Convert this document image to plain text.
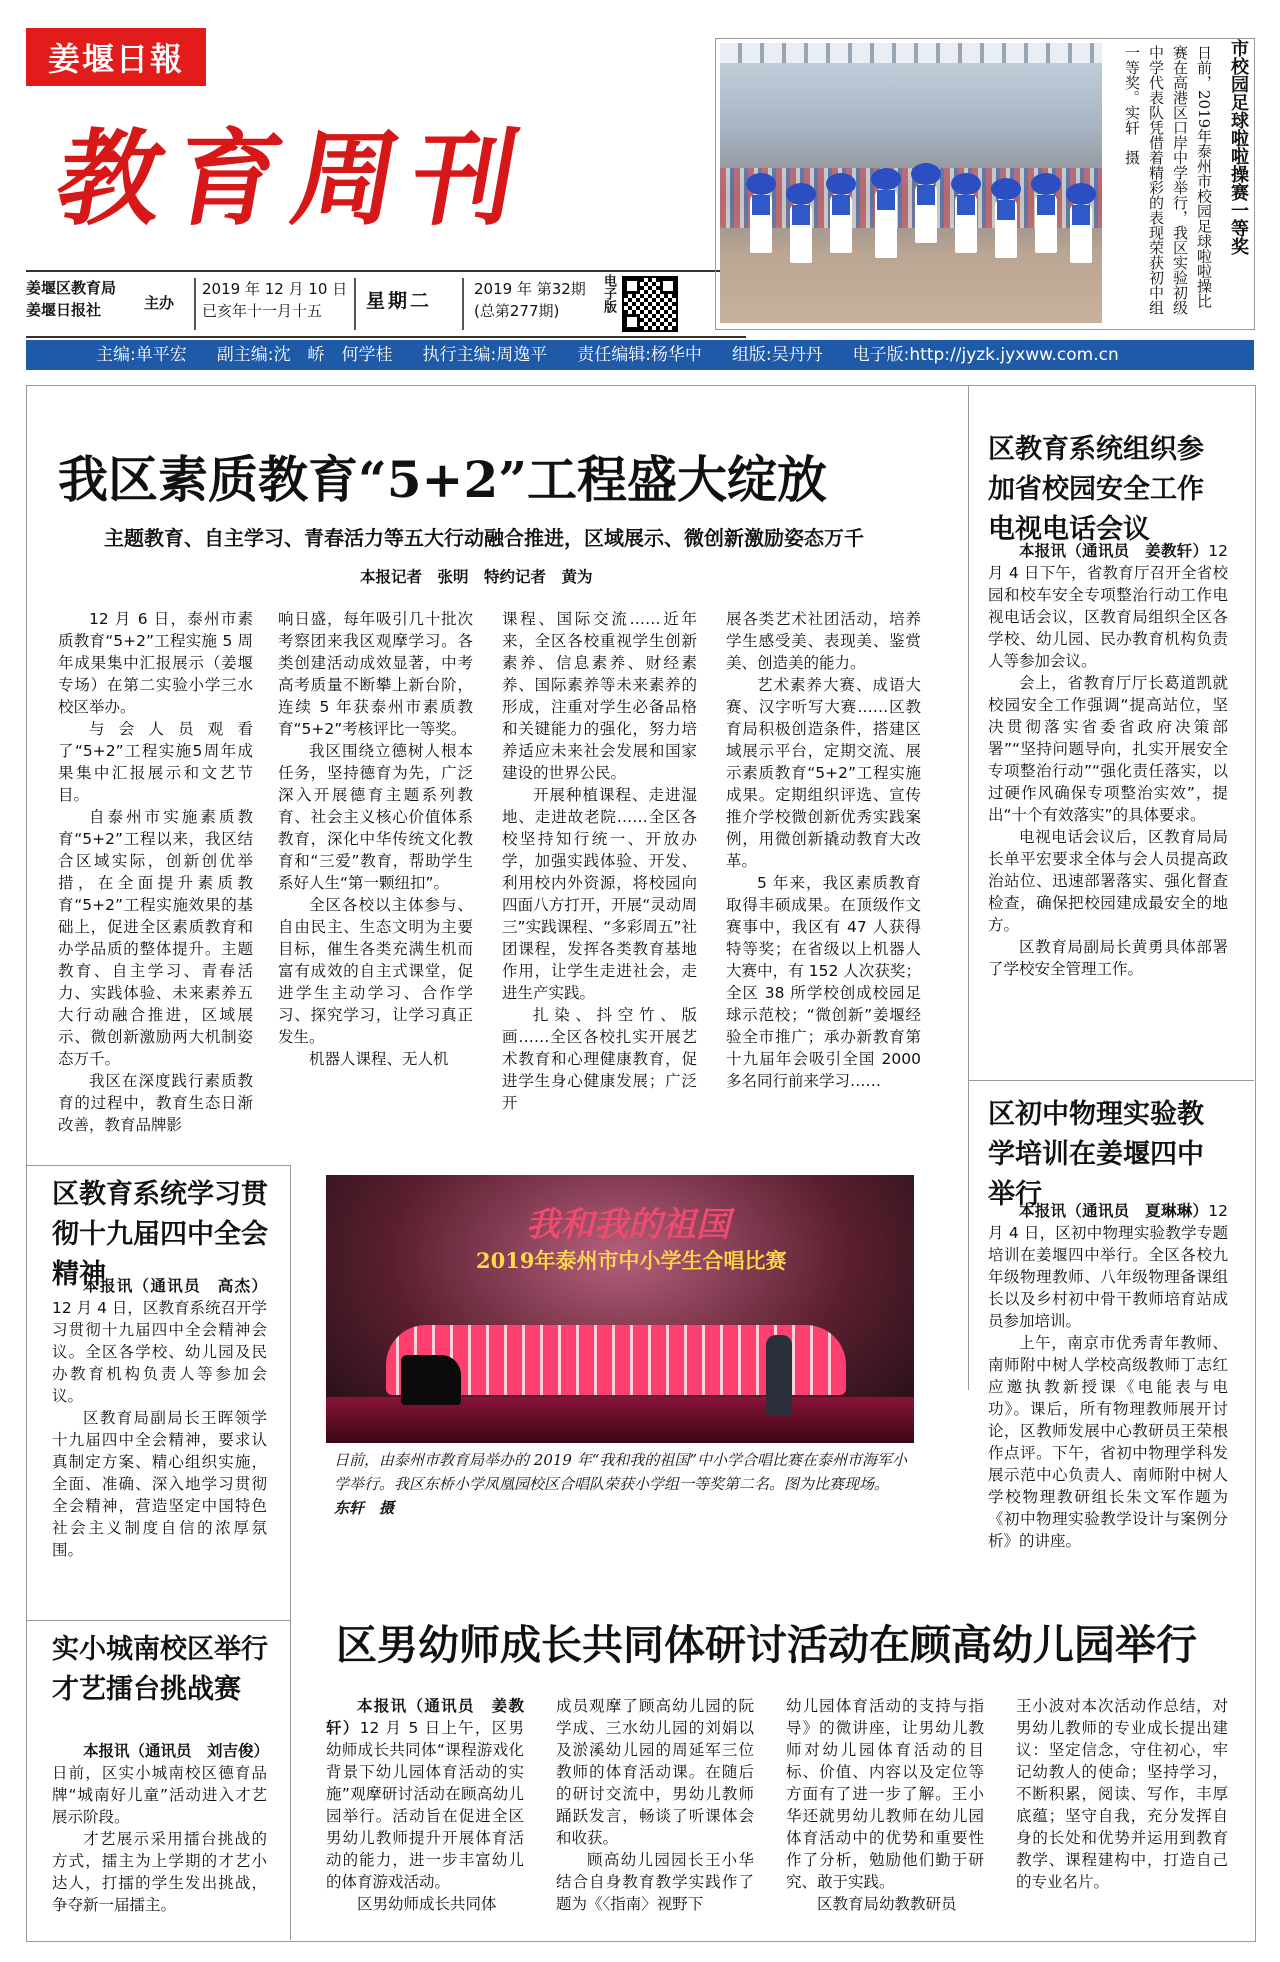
姜堰日報
教育周刊
姜堰区教育局
姜堰日报社	主办
2019 年 12 月 10 日
已亥年十一月十五	星期二
2019 年 第32期
(总第277期)	电子版
主编:单平宏 副主编:沈　峤　何学桂 执行主编:周逸平 责任编辑:杨华中 组版:吴丹丹 电子版:http://jyzk.jyxww.com.cn
日前，2019年泰州市校园足球啦啦操比赛在高港区口岸中学举行，我区实验初级中学代表队凭借着精彩的表现荣获初中组一等奖。实轩　摄	市校园足球啦啦操赛一等奖
我区素质教育“5+2”工程盛大绽放
主题教育、自主学习、青春活力等五大行动融合推进，区域展示、微创新激励姿态万千
本报记者　张明　特约记者　黄为

12 月 6 日，泰州市素质教育“5+2”工程实施 5 周年成果集中汇报展示（姜堰专场）在第二实验小学三水校区举办。

与会人员观看了“5+2”工程实施5周年成果集中汇报展示和文艺节目。

自泰州市实施素质教育“5+2”工程以来，我区结合区域实际，创新创优举措，在全面提升素质教育“5+2”工程实施效果的基础上，促进全区素质教育和办学品质的整体提升。主题教育、自主学习、青春活力、实践体验、未来素养五大行动融合推进，区域展示、微创新激励两大机制姿态万千。

我区在深度践行素质教育的过程中，教育生态日渐改善，教育品牌影

响日盛，每年吸引几十批次考察团来我区观摩学习。各类创建活动成效显著，中考高考质量不断攀上新台阶，连续 5 年获泰州市素质教育“5+2”考核评比一等奖。

我区围绕立德树人根本任务，坚持德育为先，广泛深入开展德育主题系列教育、社会主义核心价值体系教育，深化中华传统文化教育和“三爱”教育，帮助学生系好人生“第一颗纽扣”。

全区各校以主体参与、自由民主、生态文明为主要目标，催生各类充满生机而富有成效的自主式课堂，促进学生主动学习、合作学习、探究学习，让学习真正发生。

机器人课程、无人机

课程、国际交流……近年来，全区各校重视学生创新素养、信息素养、财经素养、国际素养等未来素养的形成，注重对学生必备品格和关键能力的强化，努力培养适应未来社会发展和国家建设的世界公民。

开展种植课程、走进湿地、走进故老院……全区各校坚持知行统一、开放办学，加强实践体验、开发、利用校内外资源，将校园向四面八方打开，开展“灵动周三”实践课程、“多彩周五”社团课程，发挥各类教育基地作用，让学生走进社会，走进生产实践。

扎染、抖空竹、版画……全区各校扎实开展艺术教育和心理健康教育，促进学生身心健康发展；广泛开

展各类艺术社团活动，培养学生感受美、表现美、鉴赏美、创造美的能力。

艺术素养大赛、成语大赛、汉字听写大赛……区教育局积极创造条件，搭建区域展示平台，定期交流、展示素质教育“5+2”工程实施成果。定期组织评选、宣传推介学校微创新优秀实践案例，用微创新撬动教育大改革。

5 年来，我区素质教育取得丰硕成果。在顶级作文赛事中，我区有 47 人获得特等奖；在省级以上机器人大赛中，有 152 人次获奖；全区 38 所学校创成校园足球示范校；“微创新”姜堰经验全市推广；承办新教育第十九届年会吸引全国 2000 多名同行前来学习……

区教育系统组织参加省校园安全工作电视电话会议

本报讯（通讯员　姜教轩）12 月 4 日下午，省教育厅召开全省校园和校车安全专项整治行动工作电视电话会议，区教育局组织全区各学校、幼儿园、民办教育机构负责人等参加会议。

会上，省教育厅厅长葛道凯就校园安全工作强调“提高站位，坚决贯彻落实省委省政府决策部署”“坚持问题导向，扎实开展安全专项整治行动”“强化责任落实，以过硬作风确保专项整治实效”，提出“十个有效落实”的具体要求。

电视电话会议后，区教育局局长单平宏要求全体与会人员提高政治站位、迅速部署落实、强化督查检查，确保把校园建成最安全的地方。

区教育局副局长黄勇具体部署了学校安全管理工作。

区初中物理实验教学培训在姜堰四中举行

本报讯（通讯员　夏琳琳）12 月 4 日，区初中物理实验教学专题培训在姜堰四中举行。全区各校九年级物理教师、八年级物理备课组长以及乡村初中骨干教师培育站成员参加培训。

上午，南京市优秀青年教师、南师附中树人学校高级教师丁志红应邀执教新授课《电能表与电功》。课后，所有物理教师展开讨论，区教师发展中心教研员王荣根作点评。下午，省初中物理学科发展示范中心负责人、南师附中树人学校物理教研组长朱文军作题为《初中物理实验教学设计与案例分析》的讲座。

区教育系统学习贯彻十九届四中全会精神

本报讯（通讯员　高杰）12 月 4 日，区教育系统召开学习贯彻十九届四中全会精神会议。全区各学校、幼儿园及民办教育机构负责人等参加会议。

区教育局副局长王晖领学十九届四中全会精神，要求认真制定方案、精心组织实施，全面、准确、深入地学习贯彻全会精神，营造坚定中国特色社会主义制度自信的浓厚氛围。

我和我的祖国
2019年泰州市中小学生合唱比赛
日前，由泰州市教育局举办的 2019 年“我和我的祖国”中小学合唱比赛在泰州市海军小学举行。我区东桥小学凤凰园校区合唱队荣获小学组一等奖第二名。图为比赛现场。　　东轩　摄
实小城南校区举行才艺擂台挑战赛

本报讯（通讯员　刘吉俊）日前，区实小城南校区德育品牌“城南好儿童”活动进入才艺展示阶段。

才艺展示采用擂台挑战的方式，擂主为上学期的才艺小达人，打擂的学生发出挑战，争夺新一届擂主。

区男幼师成长共同体研讨活动在顾高幼儿园举行

本报讯（通讯员　姜教轩）12 月 5 日上午，区男幼师成长共同体“课程游戏化背景下幼儿园体育活动的实施”观摩研讨活动在顾高幼儿园举行。活动旨在促进全区男幼儿教师提升开展体育活动的能力，进一步丰富幼儿的体育游戏活动。

区男幼师成长共同体

成员观摩了顾高幼儿园的阮学成、三水幼儿园的刘娟以及淤溪幼儿园的周延军三位教师的体育活动课。在随后的研讨交流中，男幼儿教师踊跃发言，畅谈了听课体会和收获。

顾高幼儿园园长王小华结合自身教育教学实践作了题为《〈指南〉视野下

幼儿园体育活动的支持与指导》的微讲座，让男幼儿教师对幼儿园体育活动的目标、价值、内容以及定位等方面有了进一步了解。王小华还就男幼儿教师在幼儿园体育活动中的优势和重要性作了分析，勉励他们勤于研究、敢于实践。

区教育局幼教教研员

王小波对本次活动作总结，对男幼儿教师的专业成长提出建议：坚定信念，守住初心，牢记幼教人的使命；坚持学习，不断积累，阅读、写作，丰厚底蕴；坚守自我，充分发挥自身的长处和优势并运用到教育教学、课程建构中，打造自己的专业名片。
